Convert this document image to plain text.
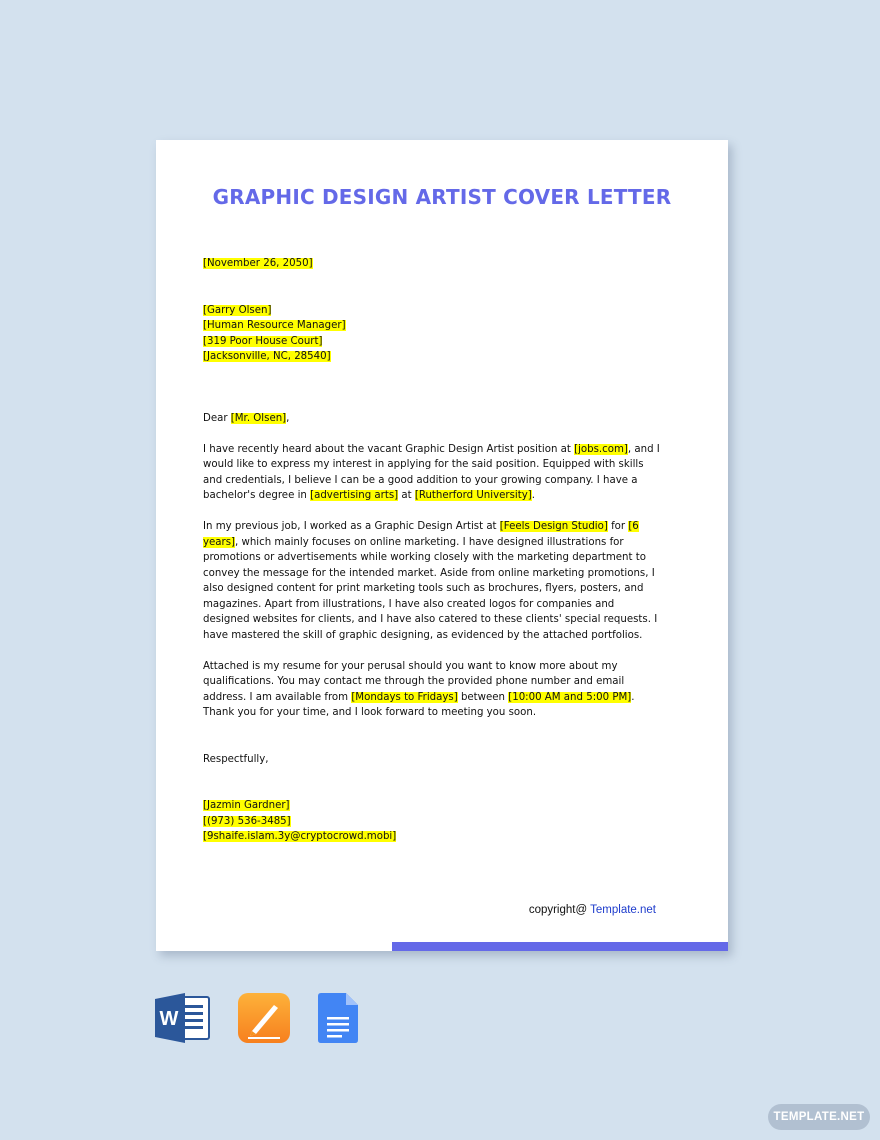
GRAPHIC DESIGN ARTIST COVER LETTER

[November 26, 2050]

[Garry Olsen]

[Human Resource Manager]

[319 Poor House Court]

[Jacksonville, NC, 28540]

Dear [Mr. Olsen],

I have recently heard about the vacant Graphic Design Artist position at [jobs.com], and I would like to express my interest in applying for the said position. Equipped with skills and credentials, I believe I can be a good addition to your growing company. I have a bachelor's degree in [advertising arts] at [Rutherford University].

In my previous job, I worked as a Graphic Design Artist at [Feels Design Studio] for [6 years], which mainly focuses on online marketing. I have designed illustrations for promotions or advertisements while working closely with the marketing department to convey the message for the intended market. Aside from online marketing promotions, I also designed content for print marketing tools such as brochures, flyers, posters, and magazines. Apart from illustrations, I have also created logos for companies and designed websites for clients, and I have also catered to these clients' special requests. I have mastered the skill of graphic designing, as evidenced by the attached portfolios.

Attached is my resume for your perusal should you want to know more about my qualifications. You may contact me through the provided phone number and email address. I am available from [Mondays to Fridays] between [10:00 AM and 5:00 PM]. Thank you for your time, and I look forward to meeting you soon.

Respectfully,

[Jazmin Gardner]

[(973) 536-3485]

[9shaife.islam.3y@cryptocrowd.mobi]

copyright@ Template.net
W
TEMPLATE.NET
